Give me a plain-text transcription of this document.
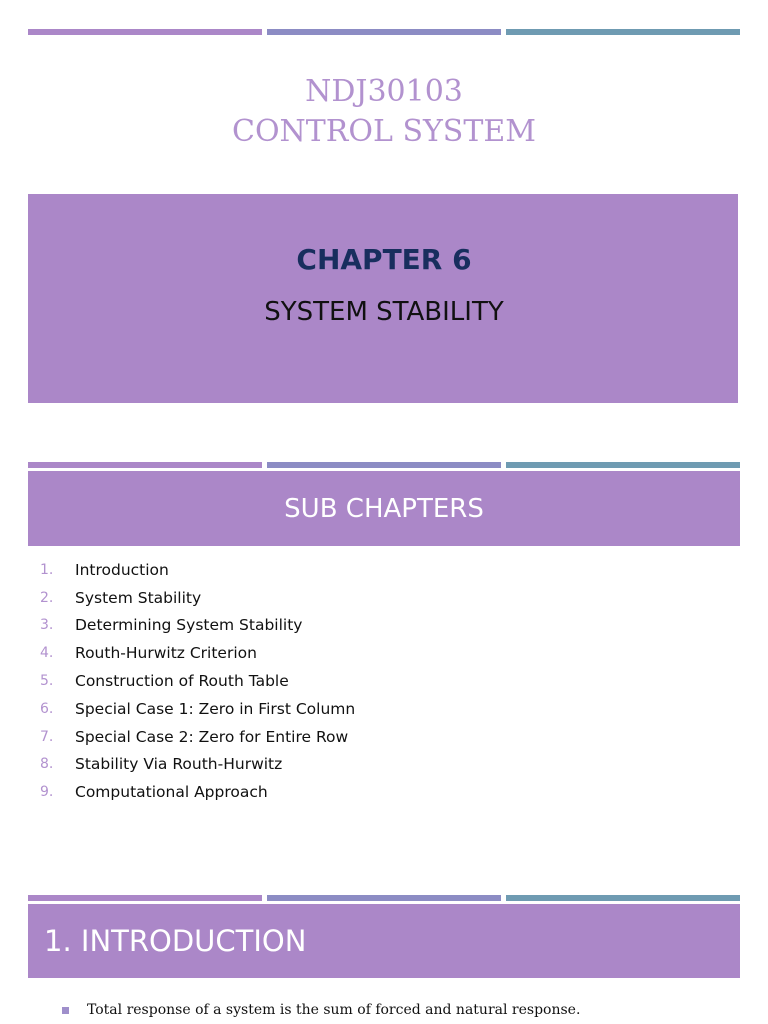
NDJ30103
CONTROL SYSTEM
CHAPTER 6
SYSTEM STABILITY
SUB CHAPTERS
1.	Introduction
2.	System Stability
3.	Determining System Stability
4.	Routh-Hurwitz Criterion
5.	Construction of Routh Table
6.	Special Case 1: Zero in First Column
7.	Special Case 2: Zero for Entire Row
8.	Stability Via Routh-Hurwitz
9.	Computational Approach
1. INTRODUCTION
Total response of a system is the sum of forced and natural response.
